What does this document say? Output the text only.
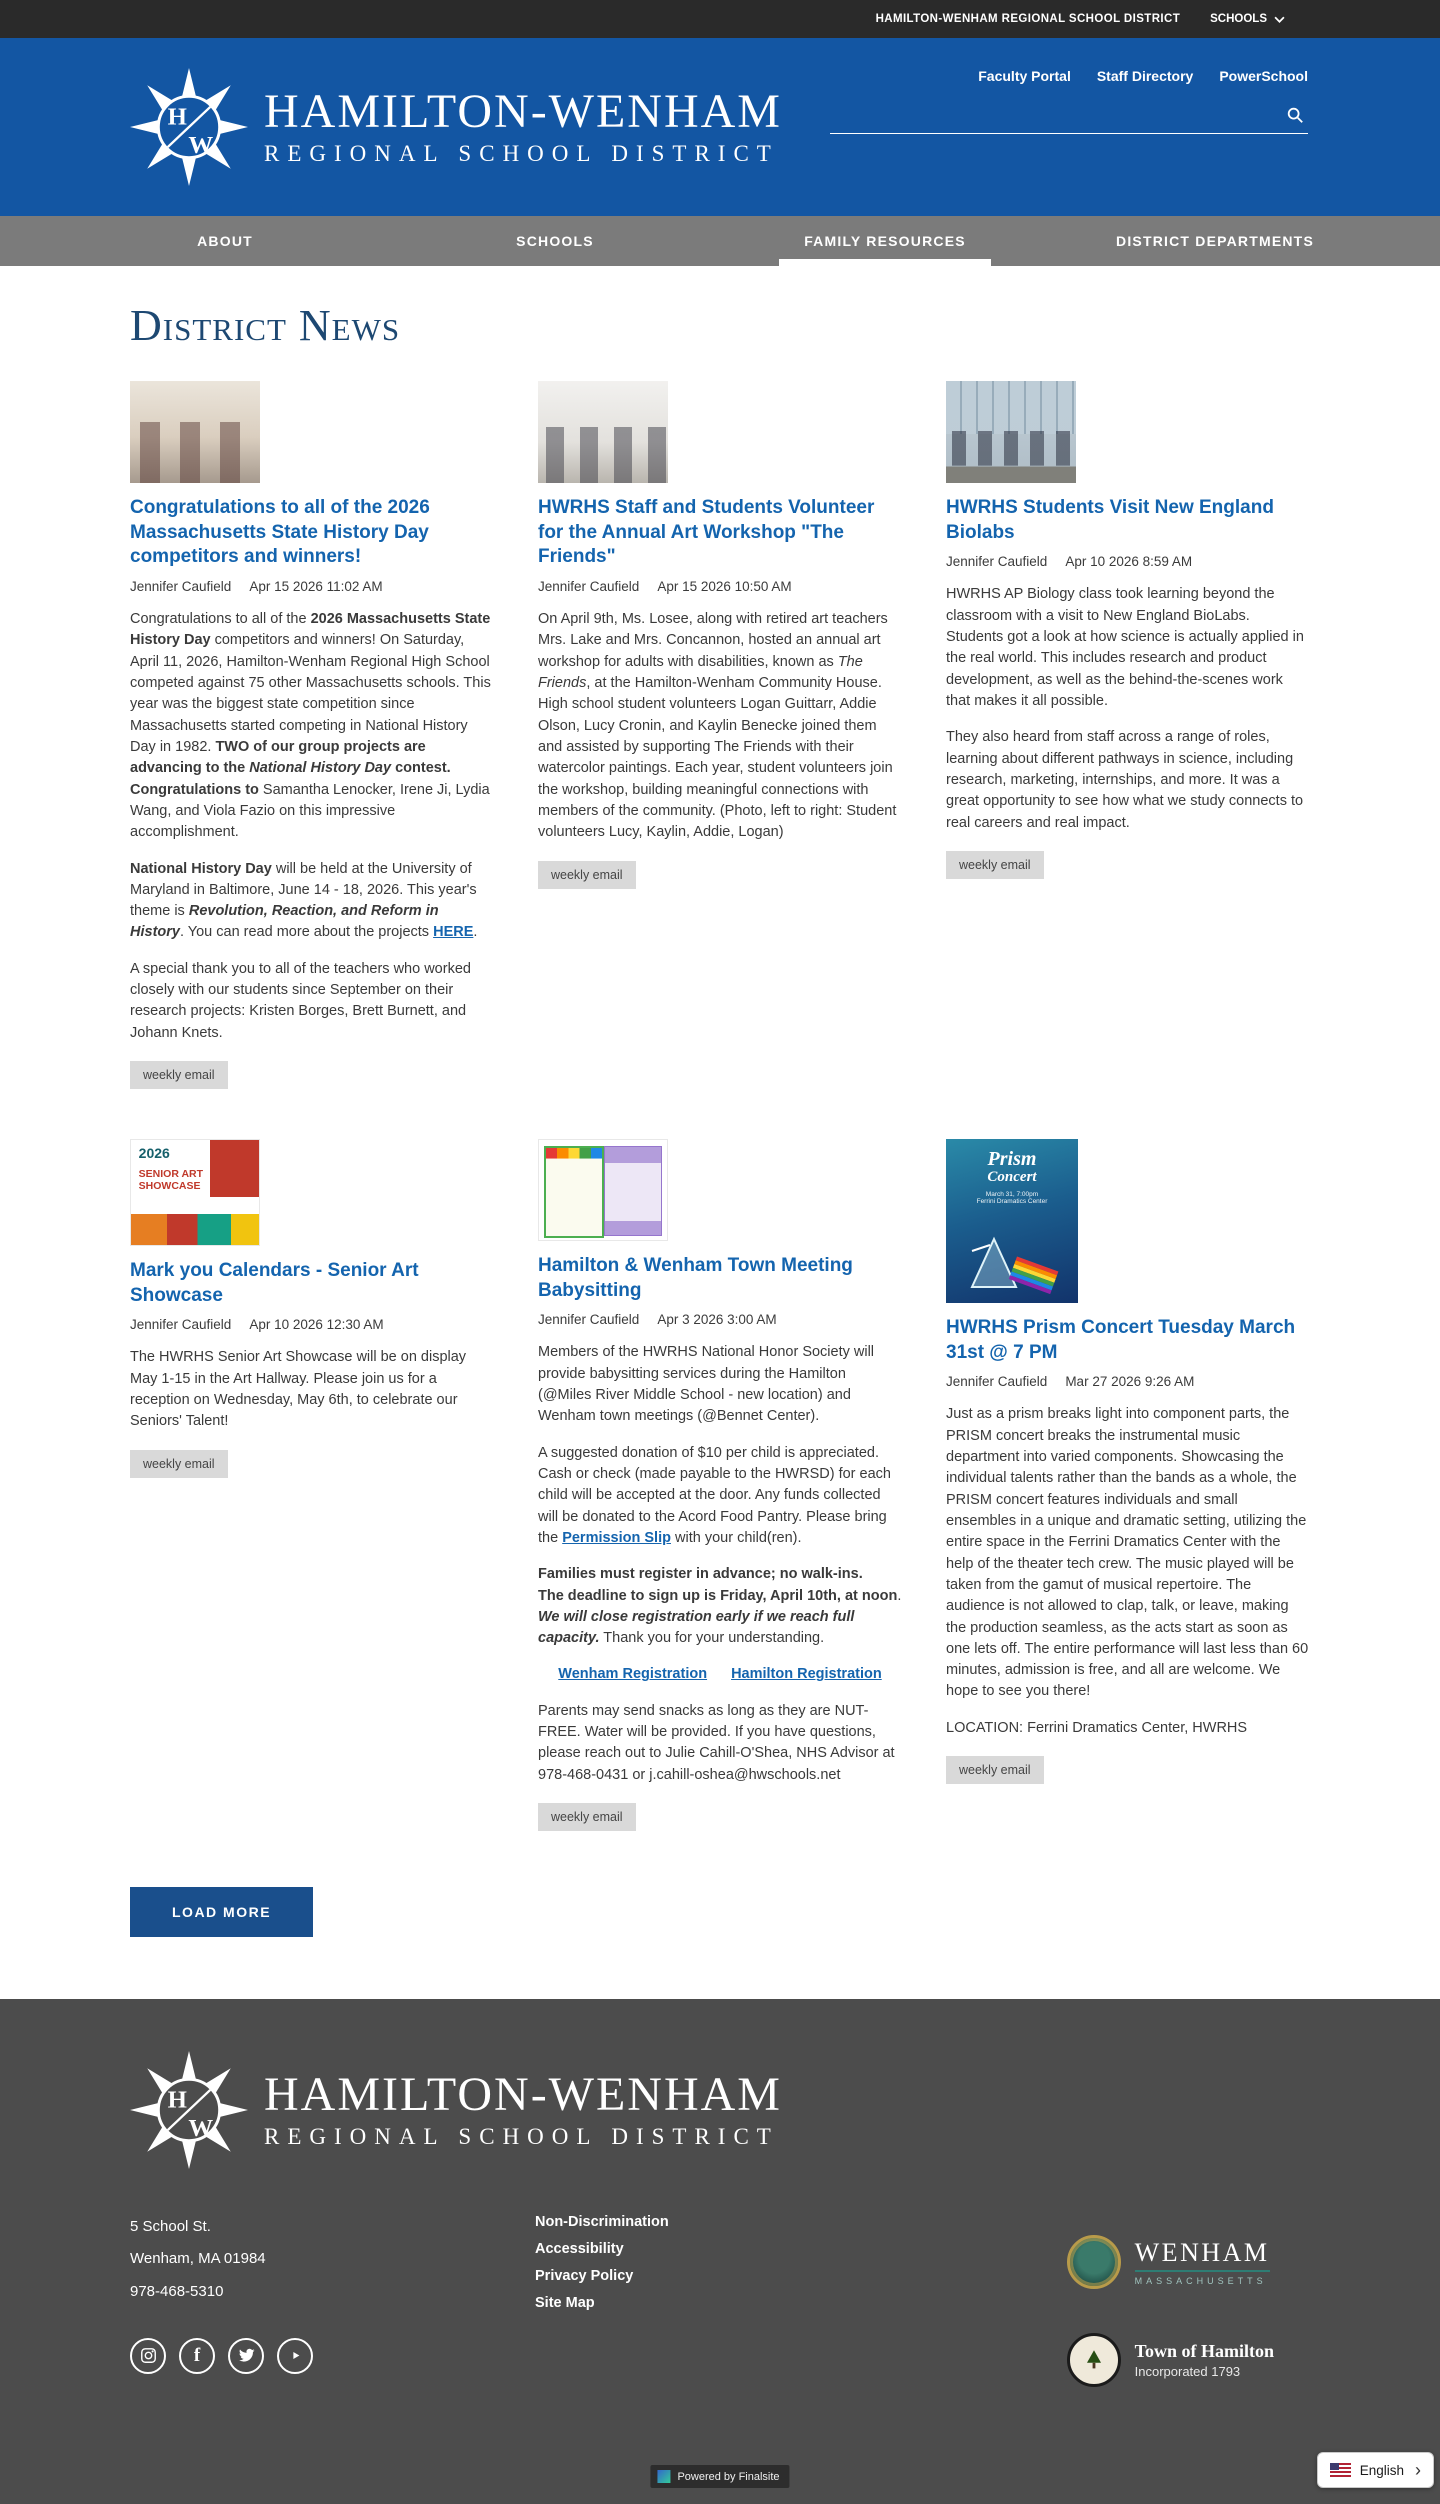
HAMILTON-WENHAM REGIONAL SCHOOL DISTRICT	SCHOOLS
H
W
HAMILTON-WENHAM
REGIONAL SCHOOL DISTRICT
Faculty Portal Staff Directory PowerSchool
ABOUT	SCHOOLS	FAMILY RESOURCES	DISTRICT DEPARTMENTS
District News
Congratulations to all of the 2026 Massachusetts State History Day competitors and winners!
Jennifer Caufield Apr 15 2026 11:02 AM

Congratulations to all of the 2026 Massachusetts State History Day competitors and winners! On Saturday, April 11, 2026, Hamilton-Wenham Regional High School competed against 75 other Massachusetts schools. This year was the biggest state competition since Massachusetts started competing in National History Day in 1982. TWO of our group projects are advancing to the National History Day contest. Congratulations to Samantha Lenocker, Irene Ji, Lydia Wang, and Viola Fazio on this impressive accomplishment.

National History Day will be held at the University of Maryland in Baltimore, June 14 - 18, 2026. This year's theme is Revolution, Reaction, and Reform in History. You can read more about the projects HERE.

A special thank you to all of the teachers who worked closely with our students since September on their research projects: Kristen Borges, Brett Burnett, and Johann Knets.

weekly email
HWRHS Staff and Students Volunteer for the Annual Art Workshop "The Friends"
Jennifer Caufield Apr 15 2026 10:50 AM

On April 9th, Ms. Losee, along with retired art teachers Mrs. Lake and Mrs. Concannon, hosted an annual art workshop for adults with disabilities, known as The Friends, at the Hamilton-Wenham Community House. High school student volunteers Logan Guittarr, Addie Olson, Lucy Cronin, and Kaylin Benecke joined them and assisted by supporting The Friends with their watercolor paintings. Each year, student volunteers join the workshop, building meaningful connections with members of the community. (Photo, left to right: Student volunteers Lucy, Kaylin, Addie, Logan)

weekly email
HWRHS Students Visit New England Biolabs
Jennifer Caufield Apr 10 2026 8:59 AM

HWRHS AP Biology class took learning beyond the classroom with a visit to New England BioLabs. Students got a look at how science is actually applied in the real world. This includes research and product development, as well as the behind-the-scenes work that makes it all possible.

They also heard from staff across a range of roles, learning about different pathways in science, including research, marketing, internships, and more. It was a great opportunity to see how what we study connects to real careers and real impact.

weekly email
2026
SENIOR ART SHOWCASE
Mark you Calendars - Senior Art Showcase
Jennifer Caufield Apr 10 2026 12:30 AM

The HWRHS Senior Art Showcase will be on display May 1-15 in the Art Hallway. Please join us for a reception on Wednesday, May 6th, to celebrate our Seniors' Talent!

weekly email
Hamilton & Wenham Town Meeting Babysitting
Jennifer Caufield Apr 3 2026 3:00 AM

Members of the HWRHS National Honor Society will provide babysitting services during the Hamilton (@Miles River Middle School - new location) and Wenham town meetings (@Bennet Center).

A suggested donation of $10 per child is appreciated. Cash or check (made payable to the HWRSD) for each child will be accepted at the door. Any funds collected will be donated to the Acord Food Pantry. Please bring the Permission Slip with your child(ren).

Families must register in advance; no walk-ins.
The deadline to sign up is Friday, April 10th, at noon. We will close registration early if we reach full capacity. Thank you for your understanding.

Wenham Registration Hamilton Registration

Parents may send snacks as long as they are NUT-FREE. Water will be provided. If you have questions, please reach out to Julie Cahill-O'Shea, NHS Advisor at 978-468-0431 or j.cahill-oshea@hwschools.net

weekly email
Prism
Concert
March 31, 7:00pm
Ferrini Dramatics Center
HWRHS Prism Concert Tuesday March 31st @ 7 PM
Jennifer Caufield Mar 27 2026 9:26 AM

Just as a prism breaks light into component parts, the PRISM concert breaks the instrumental music department into varied components. Showcasing the individual talents rather than the bands as a whole, the PRISM concert features individuals and small ensembles in a unique and dramatic setting, utilizing the entire space in the Ferrini Dramatics Center with the help of the theater tech crew. The music played will be taken from the gamut of musical repertoire. The audience is not allowed to clap, talk, or leave, making the production seamless, as the acts start as soon as one lets off. The entire performance will last less than 60 minutes, admission is free, and all are welcome. We hope to see you there!

LOCATION: Ferrini Dramatics Center, HWRHS

weekly email
LOAD MORE
H
W
HAMILTON-WENHAM
REGIONAL SCHOOL DISTRICT
5 School St.
Wenham, MA 01984
978-468-5310
f
Non-Discrimination
Accessibility
Privacy Policy
Site Map
WENHAM
MASSACHUSETTS
Town of Hamilton
Incorporated 1793
Powered by Finalsite	English ›
